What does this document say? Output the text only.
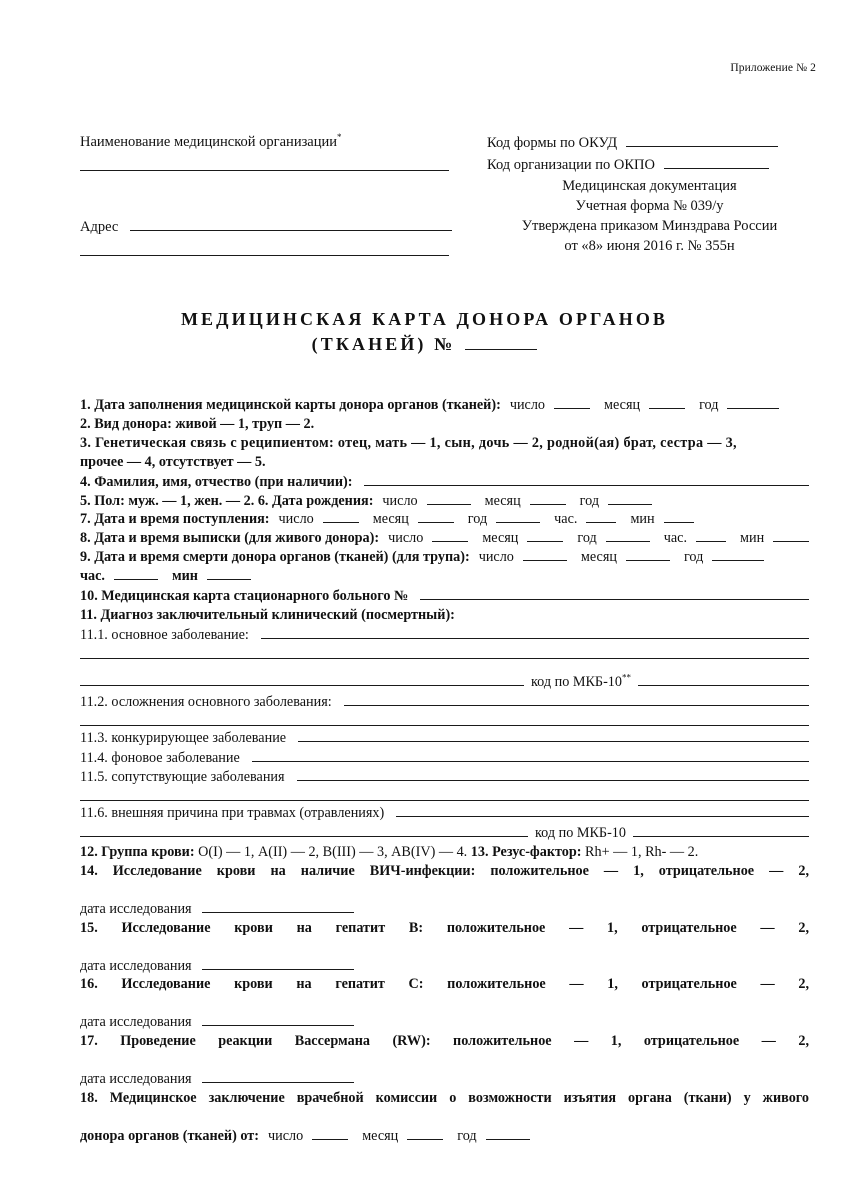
Приложение № 2
Наименование медицинской организации*
Адрес
Код формы по ОКУД
Код организации по ОКПО
Медицинская документация
Учетная форма № 039/у
Утверждена приказом Минздрава России
от «8» июня 2016 г. № 355н
МЕДИЦИНСКАЯ КАРТА ДОНОРА ОРГАНОВ
(ТКАНЕЙ) №
1. Дата заполнения медицинской карты донора органов (тканей): число	месяц	год
2. Вид донора: живой — 1, труп — 2.
3. Генетическая связь с реципиентом: отец, мать — 1, сын, дочь — 2, родной(ая) брат, сестра — 3,
прочее — 4, отсутствует — 5.
4. Фамилия, имя, отчество (при наличии):
5. Пол: муж. — 1, жен. — 2. 6. Дата рождения: число	месяц	год
7. Дата и время поступления: число	месяц	год	час.	мин
8. Дата и время выписки (для живого донора): число	месяц	год	час.	мин
9. Дата и время смерти донора органов (тканей) (для трупа): число	месяц	год
час.	мин
10. Медицинская карта стационарного больного №
11. Диагноз заключительный клинический (посмертный):
11.1. основное заболевание:
код по МКБ-10**
11.2. осложнения основного заболевания:
11.3. конкурирующее заболевание
11.4. фоновое заболевание
11.5. сопутствующие заболевания
11.6. внешняя причина при травмах (отравлениях)
код по МКБ-10
12. Группа крови: О(I) — 1, А(II) — 2, В(III) — 3, АВ(IV) — 4. 13. Резус-фактор: Rh+ — 1, Rh- — 2.
14. Исследование крови на наличие ВИЧ-инфекции: положительное — 1, отрицательное — 2,
дата исследования
15. Исследование крови на гепатит В: положительное — 1, отрицательное — 2,
дата исследования
16. Исследование крови на гепатит С: положительное — 1, отрицательное — 2,
дата исследования
17. Проведение реакции Вассермана (RW): положительное — 1, отрицательное — 2,
дата исследования
18. Медицинское заключение врачебной комиссии о возможности изъятия органа (ткани) у живого
донора органов (тканей) от: число	месяц	год
